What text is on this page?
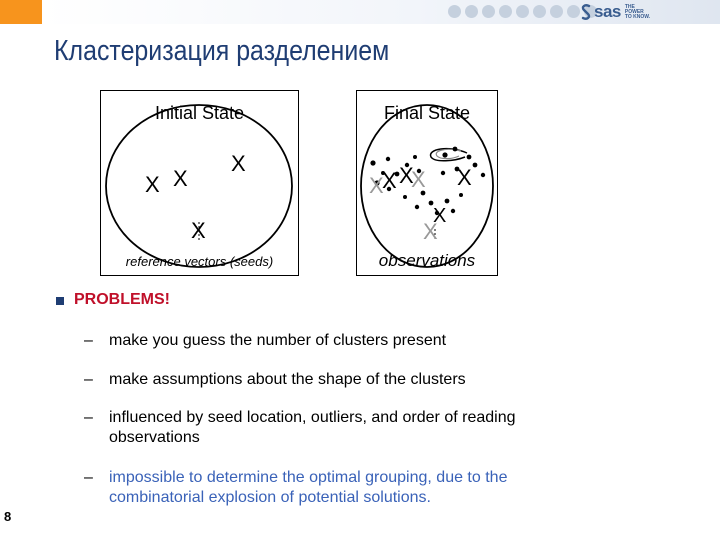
sas THE
POWER
TO KNOW.
Кластеризация разделением
Initial State
X X
X
X
reference vectors (seeds)
Final State
X
X X
X X
X
X
observations
PROBLEMS!
– make you guess the number of clusters present
– make assumptions about the shape of the clusters
– influenced by seed location, outliers, and order of reading observations
– impossible to determine the optimal grouping, due to the combinatorial explosion of potential solutions.
8
